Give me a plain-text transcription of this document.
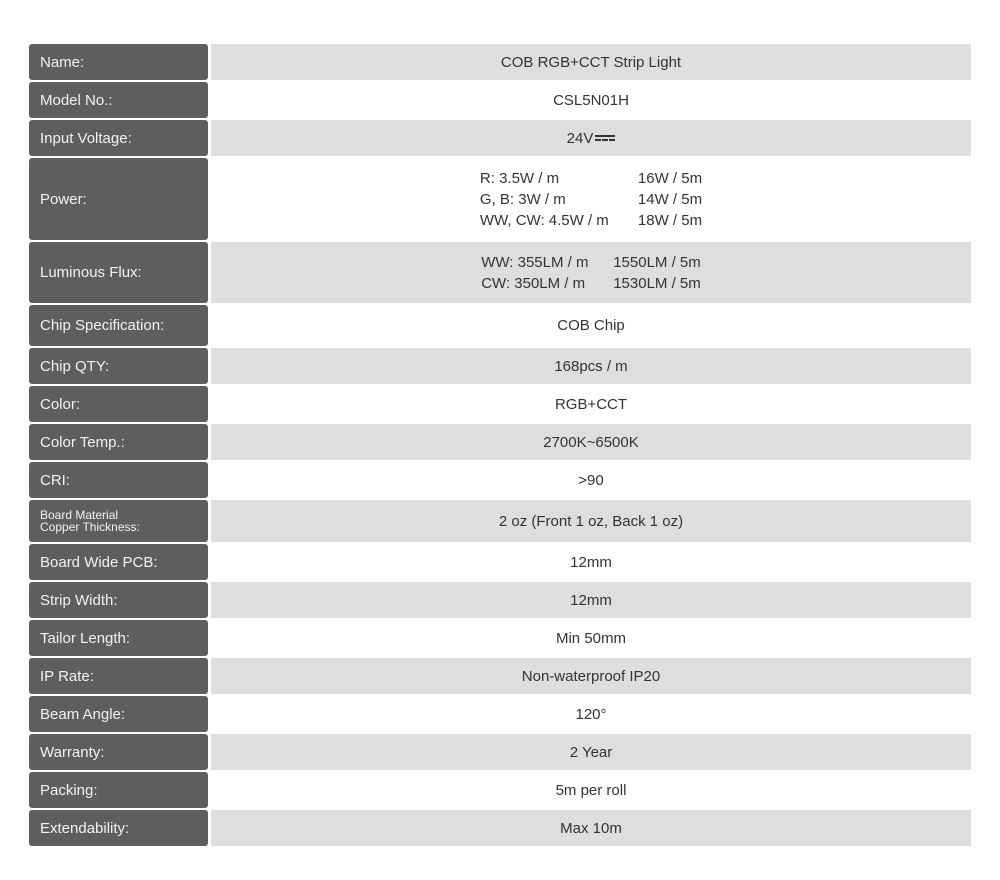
Name:	COB RGB+CCT Strip Light
Model No.:	CSL5N01H
Input Voltage:	24V
Power:
R: 3.5W / m	16W / 5m
G, B: 3W / m	14W / 5m
WW, CW: 4.5W / m	18W / 5m
Luminous Flux:
WW: 355LM / m	1550LM / 5m
CW: 350LM / m	1530LM / 5m
Chip Specification:	COB Chip
Chip QTY:	168pcs / m
Color:	RGB+CCT
Color Temp.:	2700K~6500K
CRI:	>90
Board Material
Copper Thickness:	2 oz (Front 1 oz, Back 1 oz)
Board Wide PCB:	12mm
Strip Width:	12mm
Tailor Length:	Min 50mm
IP Rate:	Non-waterproof IP20
Beam Angle:	120°
Warranty:	2 Year
Packing:	5m per roll
Extendability:	Max 10m
